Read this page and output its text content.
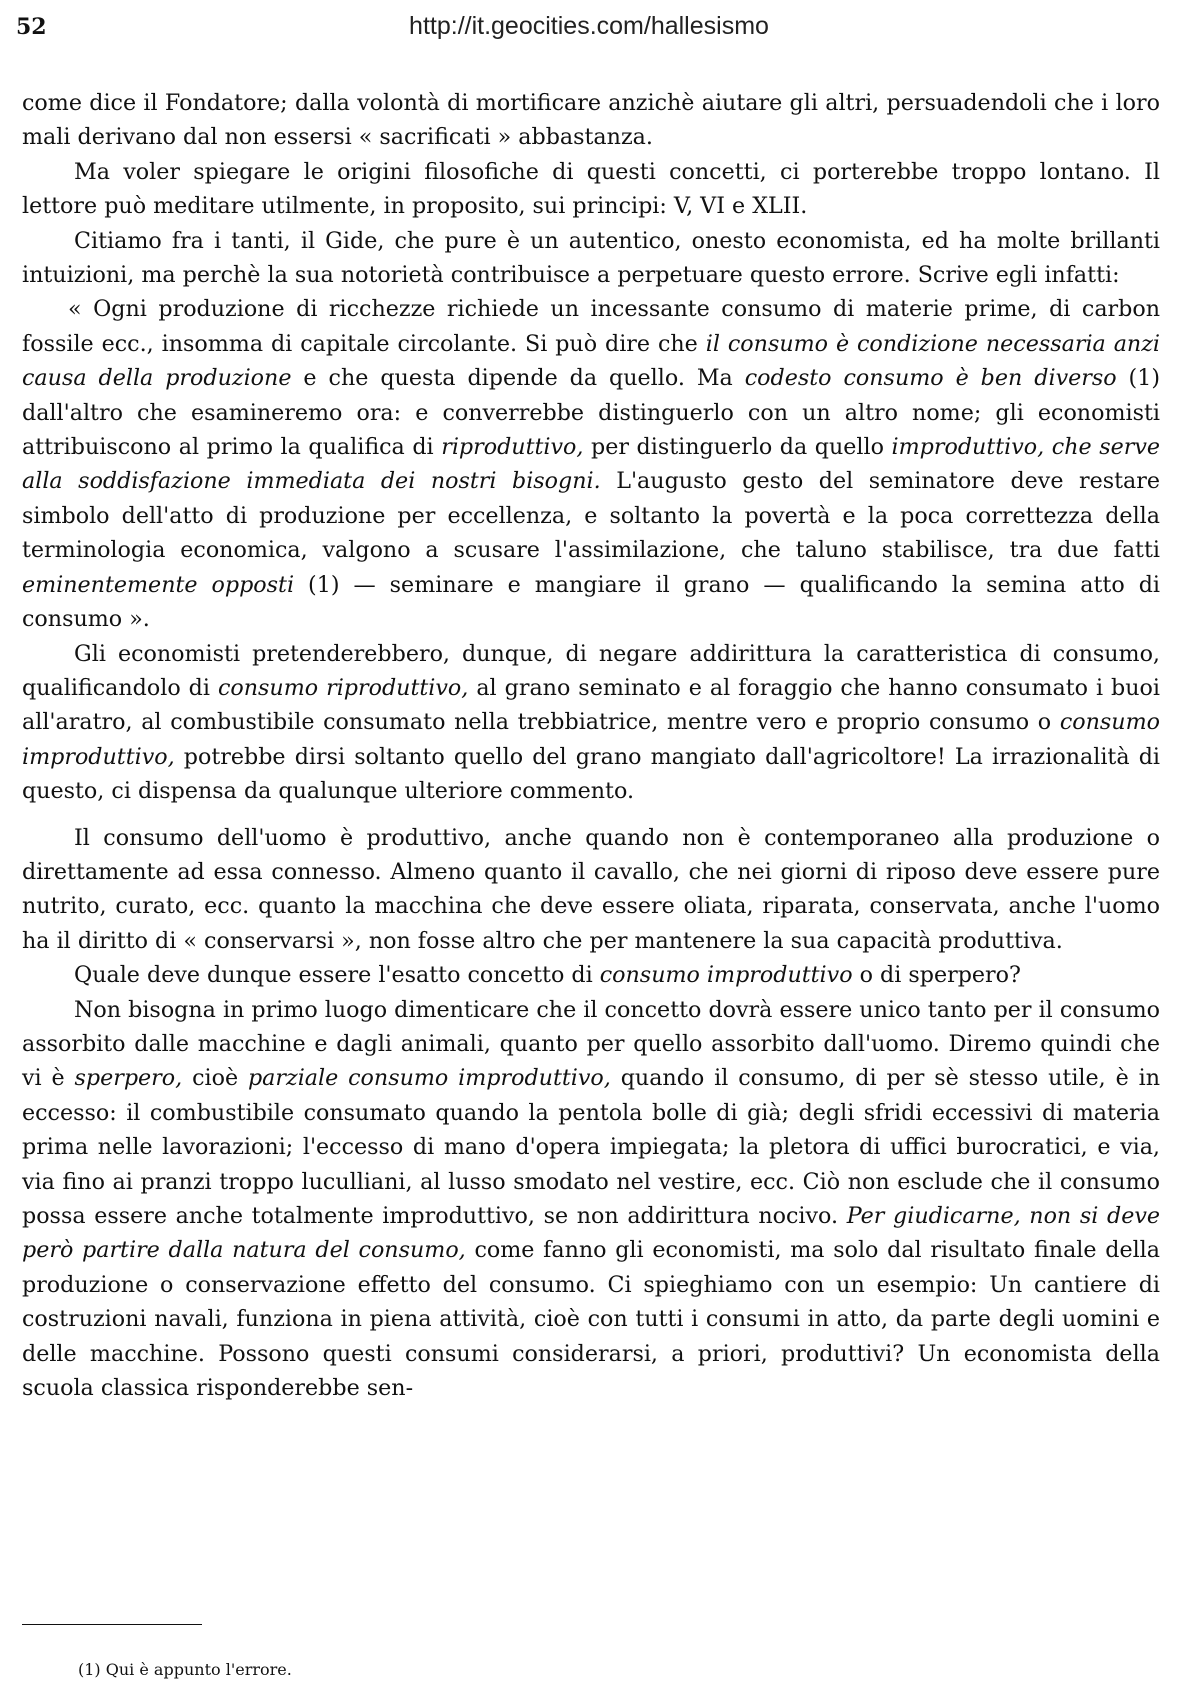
52	http://it.geocities.com/hallesismo

come dice il Fondatore; dalla volontà di mortificare anzichè aiutare gli altri, persuadendoli che i loro mali derivano dal non essersi « sacrificati » abbastanza.

Ma voler spiegare le origini filosofiche di questi concetti, ci porterebbe troppo lontano. Il lettore può meditare utilmente, in proposito, sui principi: V, VI e XLII.

Citiamo fra i tanti, il Gide, che pure è un autentico, onesto economista, ed ha molte brillanti intuizioni, ma perchè la sua notorietà contribuisce a perpetuare questo errore. Scrive egli infatti:

« Ogni produzione di ricchezze richiede un incessante consumo di materie prime, di carbon fossile ecc., insomma di capitale circolante. Si può dire che il consumo è condizione necessaria anzi causa della produzione e che questa dipende da quello. Ma codesto consumo è ben diverso (1) dall'altro che esamineremo ora: e converrebbe distinguerlo con un altro nome; gli economisti attribuiscono al primo la qualifica di riproduttivo, per distinguerlo da quello improduttivo, che serve alla soddisfazione immediata dei nostri bisogni. L'augusto gesto del seminatore deve restare simbolo dell'atto di produzione per eccellenza, e soltanto la povertà e la poca correttezza della terminologia economica, valgono a scusare l'assimilazione, che taluno stabilisce, tra due fatti eminentemente opposti (1) — seminare e mangiare il grano — qualificando la semina atto di consumo ».

Gli economisti pretenderebbero, dunque, di negare addirittura la caratteristica di consumo, qualificandolo di consumo riproduttivo, al grano seminato e al foraggio che hanno consumato i buoi all'aratro, al combustibile consumato nella trebbiatrice, mentre vero e proprio consumo o consumo improduttivo, potrebbe dirsi soltanto quello del grano mangiato dall'agricoltore! La irrazionalità di questo, ci dispensa da qualunque ulteriore commento.

Il consumo dell'uomo è produttivo, anche quando non è contemporaneo alla produzione o direttamente ad essa connesso. Almeno quanto il cavallo, che nei giorni di riposo deve essere pure nutrito, curato, ecc. quanto la macchina che deve essere oliata, riparata, conservata, anche l'uomo ha il diritto di « conservarsi », non fosse altro che per mantenere la sua capacità produttiva.

Quale deve dunque essere l'esatto concetto di consumo improduttivo o di sperpero?

Non bisogna in primo luogo dimenticare che il concetto dovrà essere unico tanto per il consumo assorbito dalle macchine e dagli animali, quanto per quello assorbito dall'uomo. Diremo quindi che vi è sperpero, cioè parziale consumo improduttivo, quando il consumo, di per sè stesso utile, è in eccesso: il combustibile consumato quando la pentola bolle di già; degli sfridi eccessivi di materia prima nelle lavorazioni; l'eccesso di mano d'opera impiegata; la pletora di uffici burocratici, e via, via fino ai pranzi troppo luculliani, al lusso smodato nel vestire, ecc. Ciò non esclude che il consumo possa essere anche totalmente improduttivo, se non addirittura nocivo. Per giudicarne, non si deve però partire dalla natura del consumo, come fanno gli economisti, ma solo dal risultato finale della produzione o conservazione effetto del consumo. Ci spieghiamo con un esempio: Un cantiere di costruzioni navali, funziona in piena attività, cioè con tutti i consumi in atto, da parte degli uomini e delle macchine. Possono questi consumi considerarsi, a priori, produttivi? Un economista della scuola classica risponderebbe sen-

(1) Qui è appunto l'errore.
